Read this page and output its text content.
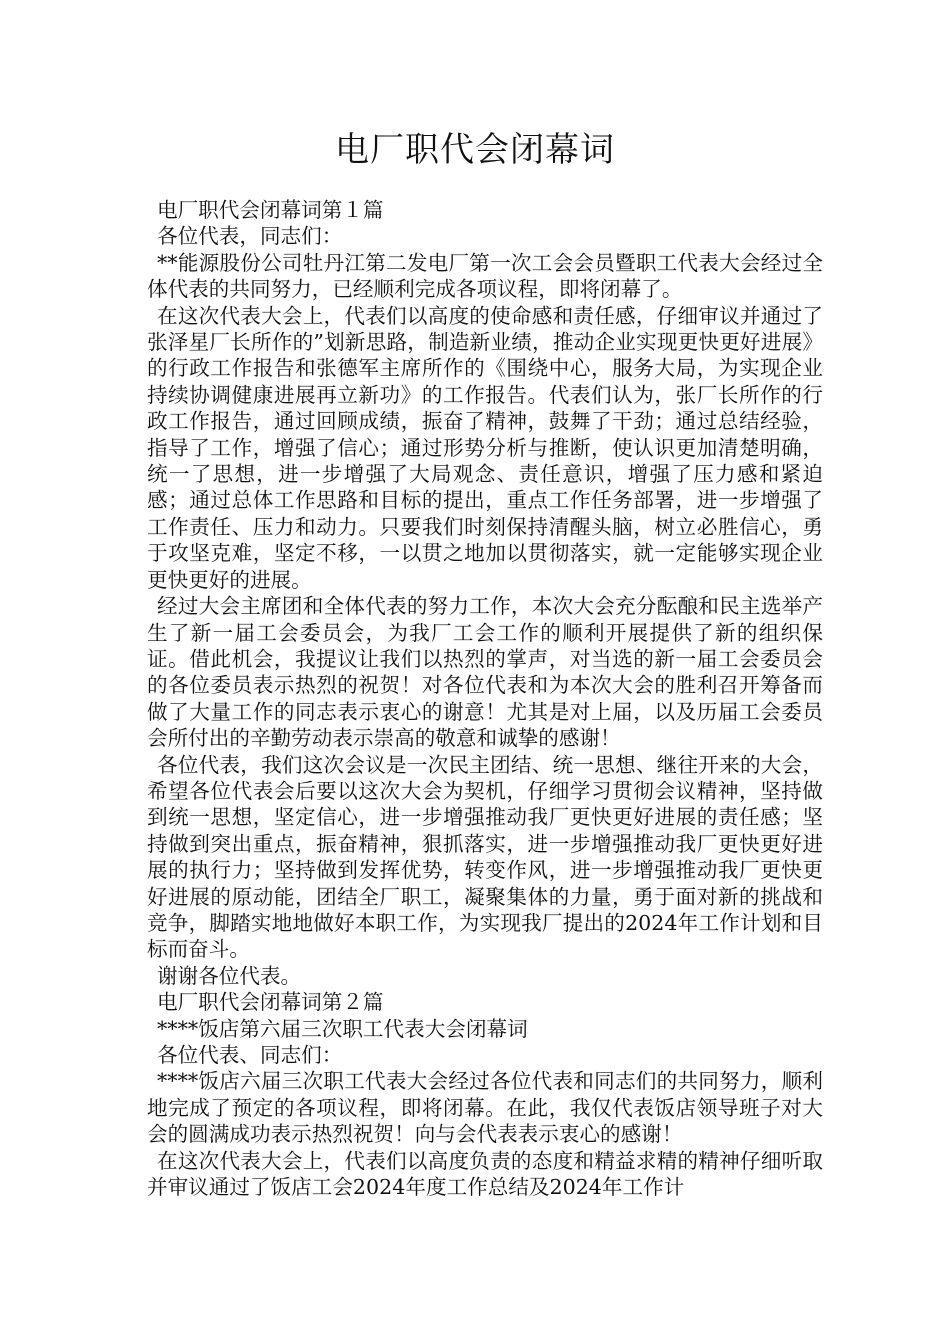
电厂职代会闭幕词

电厂职代会闭幕词第１篇

各位代表，同志们：

**能源股份公司牡丹江第二发电厂第一次工会会员暨职工代表大会经过全体代表的共同努力，已经顺利完成各项议程，即将闭幕了。

在这次代表大会上，代表们以高度的使命感和责任感，仔细审议并通过了张泽星厂长所作的”划新思路，制造新业绩，推动企业实现更快更好进展》的行政工作报告和张德军主席所作的《围绕中心，服务大局，为实现企业持续协调健康进展再立新功》的工作报告。代表们认为，张厂长所作的行政工作报告，通过回顾成绩，振奋了精神，鼓舞了干劲；通过总结经验，指导了工作，增强了信心；通过形势分析与推断，使认识更加清楚明确，统一了思想，进一步增强了大局观念、责任意识，增强了压力感和紧迫感；通过总体工作思路和目标的提出，重点工作任务部署，进一步增强了工作责任、压力和动力。只要我们时刻保持清醒头脑，树立必胜信心，勇于攻坚克难，坚定不移，一以贯之地加以贯彻落实，就一定能够实现企业更快更好的进展。

经过大会主席团和全体代表的努力工作，本次大会充分酝酿和民主选举产生了新一届工会委员会，为我厂工会工作的顺利开展提供了新的组织保证。借此机会，我提议让我们以热烈的掌声，对当选的新一届工会委员会的各位委员表示热烈的祝贺！对各位代表和为本次大会的胜利召开筹备而做了大量工作的同志表示衷心的谢意！尤其是对上届，以及历届工会委员会所付出的辛勤劳动表示崇高的敬意和诚挚的感谢！

各位代表，我们这次会议是一次民主团结、统一思想、继往开来的大会，希望各位代表会后要以这次大会为契机，仔细学习贯彻会议精神，坚持做到统一思想，坚定信心，进一步增强推动我厂更快更好进展的责任感；坚持做到突出重点，振奋精神，狠抓落实，进一步增强推动我厂更快更好进展的执行力；坚持做到发挥优势，转变作风，进一步增强推动我厂更快更好进展的原动能，团结全厂职工，凝聚集体的力量，勇于面对新的挑战和竞争，脚踏实地地做好本职工作，为实现我厂提出的2024年工作计划和目标而奋斗。

谢谢各位代表。

电厂职代会闭幕词第２篇

****饭店第六届三次职工代表大会闭幕词

各位代表、同志们：

****饭店六届三次职工代表大会经过各位代表和同志们的共同努力，顺利地完成了预定的各项议程，即将闭幕。在此，我仅代表饭店领导班子对大会的圆满成功表示热烈祝贺！向与会代表表示衷心的感谢！

在这次代表大会上，代表们以高度负责的态度和精益求精的精神仔细听取并审议通过了饭店工会2024年度工作总结及2024年工作计
